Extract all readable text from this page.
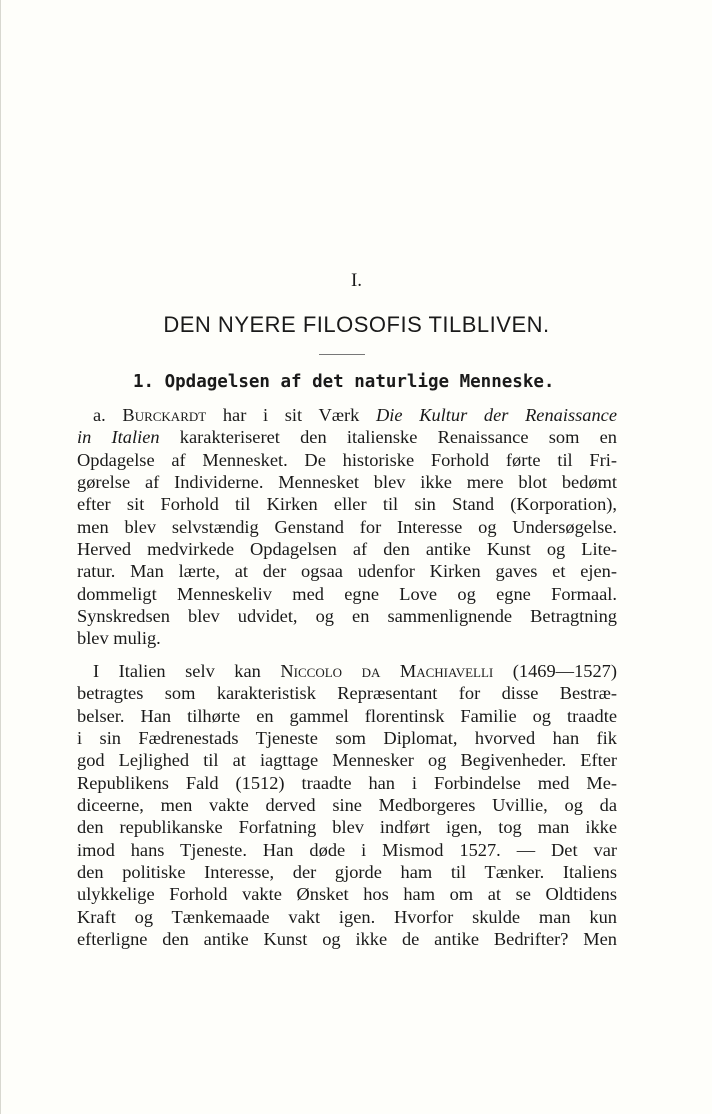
I.
DEN NYERE FILOSOFIS TILBLIVEN.
1. Opdagelsen af det naturlige Menneske.
a. Burckardt har i sit Værk Die Kultur der Renaissance
in Italien karakteriseret den italienske Renaissance som en
Opdagelse af Mennesket. De historiske Forhold førte til Fri-
gørelse af Individerne. Mennesket blev ikke mere blot bedømt
efter sit Forhold til Kirken eller til sin Stand (Korporation),
men blev selvstændig Genstand for Interesse og Undersøgelse.
Herved medvirkede Opdagelsen af den antike Kunst og Lite-
ratur. Man lærte, at der ogsaa udenfor Kirken gaves et ejen-
dommeligt Menneskeliv med egne Love og egne Formaal.
Synskredsen blev udvidet, og en sammenlignende Betragtning
blev mulig.
I Italien selv kan Niccolo da Machiavelli (1469—1527)
betragtes som karakteristisk Repræsentant for disse Bestræ-
belser. Han tilhørte en gammel florentinsk Familie og traadte
i sin Fædrenestads Tjeneste som Diplomat, hvorved han fik
god Lejlighed til at iagttage Mennesker og Begivenheder. Efter
Republikens Fald (1512) traadte han i Forbindelse med Me-
diceerne, men vakte derved sine Medborgeres Uvillie, og da
den republikanske Forfatning blev indført igen, tog man ikke
imod hans Tjeneste. Han døde i Mismod 1527. — Det var
den politiske Interesse, der gjorde ham til Tænker. Italiens
ulykkelige Forhold vakte Ønsket hos ham om at se Oldtidens
Kraft og Tænkemaade vakt igen. Hvorfor skulde man kun
efterligne den antike Kunst og ikke de antike Bedrifter? Men
